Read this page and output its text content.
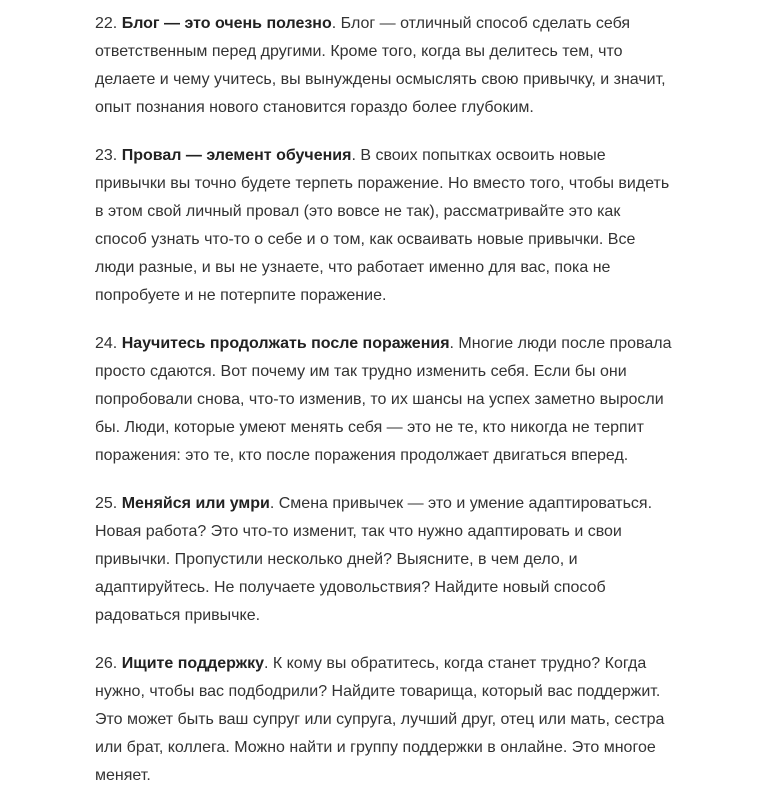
22. Блог — это очень полезно. Блог — отличный способ сделать себя ответственным перед другими. Кроме того, когда вы делитесь тем, что делаете и чему учитесь, вы вынуждены осмыслять свою привычку, и значит, опыт познания нового становится гораздо более глубоким.

23. Провал — элемент обучения. В своих попытках освоить новые привычки вы точно будете терпеть поражение. Но вместо того, чтобы видеть в этом свой личный провал (это вовсе не так), рассматривайте это как способ узнать что-то о себе и о том, как осваивать новые привычки. Все люди разные, и вы не узнаете, что работает именно для вас, пока не попробуете и не потерпите поражение.

24. Научитесь продолжать после поражения. Многие люди после провала просто сдаются. Вот почему им так трудно изменить себя. Если бы они попробовали снова, что-то изменив, то их шансы на успех заметно выросли бы. Люди, которые умеют менять себя — это не те, кто никогда не терпит поражения: это те, кто после поражения продолжает двигаться вперед.

25. Меняйся или умри. Смена привычек — это и умение адаптироваться. Новая работа? Это что-то изменит, так что нужно адаптировать и свои привычки. Пропустили несколько дней? Выясните, в чем дело, и адаптируйтесь. Не получаете удовольствия? Найдите новый способ радоваться привычке.

26. Ищите поддержку. К кому вы обратитесь, когда станет трудно? Когда нужно, чтобы вас подбодрили? Найдите товарища, который вас поддержит. Это может быть ваш супруг или супруга, лучший друг, отец или мать, сестра или брат, коллега. Можно найти и группу поддержки в онлайне. Это многое меняет.
